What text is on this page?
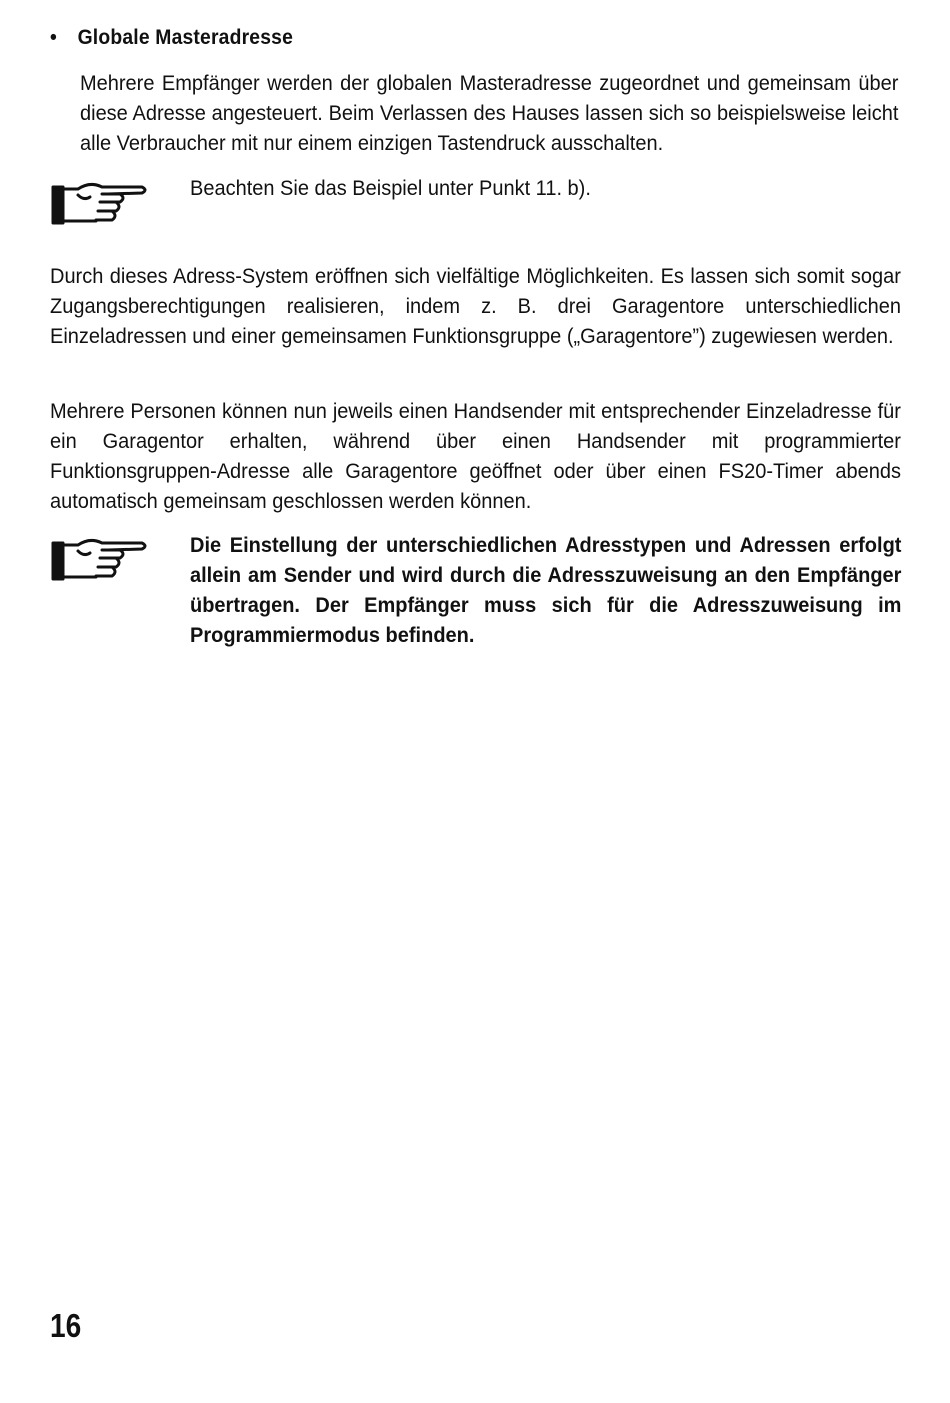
• Globale Masteradresse

Mehrere Empfänger werden der globalen Masteradresse zugeordnet und gemeinsam über diese Adresse angesteuert. Beim Verlassen des Hauses lassen sich so beispielsweise leicht alle Verbraucher mit nur einem einzigen Tastendruck ausschalten.

Beachten Sie das Beispiel unter Punkt 11. b).

Durch dieses Adress-System eröffnen sich vielfältige Möglichkeiten. Es lassen sich somit sogar Zugangsberechtigungen realisieren, indem z. B. drei Garagentore unterschiedlichen Einzeladressen und einer gemeinsamen Funktionsgruppe („Garagentore”) zugewiesen werden.

Mehrere Personen können nun jeweils einen Handsender mit entsprechender Einzeladresse für ein Garagentor erhalten, während über einen Handsender mit programmierter Funktionsgruppen-Adresse alle Garagentore geöffnet oder über einen FS20-Timer abends automatisch gemeinsam geschlossen werden können.

Die Einstellung der unterschiedlichen Adresstypen und Adressen erfolgt allein am Sender und wird durch die Adresszuweisung an den Empfänger übertragen. Der Empfänger muss sich für die Adresszuweisung im Programmiermodus befinden.

16
